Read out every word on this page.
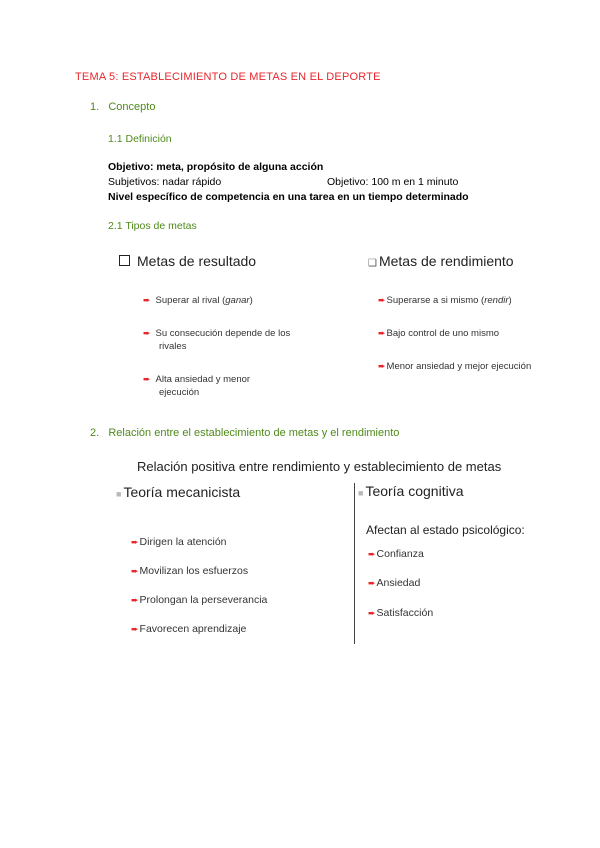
TEMA 5: ESTABLECIMIENTO DE METAS EN EL DEPORTE
1. Concepto
1.1 Definición
Objetivo: meta, propósito de alguna acción
Subjetivos: nadar rápido	Objetivo: 100 m en 1 minuto
Nivel específico de competencia en una tarea en un tiempo determinado
2.1 Tipos de metas
Metas de resultado
➨ Superar al rival (ganar)
➨ Su consecución depende de los
rivales
➨ Alta ansiedad y menor
ejecución
❑ Metas de rendimiento
➨Superarse a si mismo (rendir)
➨Bajo control de uno mismo
➨Menor ansiedad y mejor ejecución
2. Relación entre el establecimiento de metas y el rendimiento
Relación positiva entre rendimiento y establecimiento de metas
■ Teoría mecanicista
➨Dirigen la atención
➨Movilizan los esfuerzos
➨Prolongan la perseverancia
➨Favorecen aprendizaje
■ Teoría cognitiva
Afectan al estado psicológico:
➨Confianza
➨Ansiedad
➨Satisfacción
